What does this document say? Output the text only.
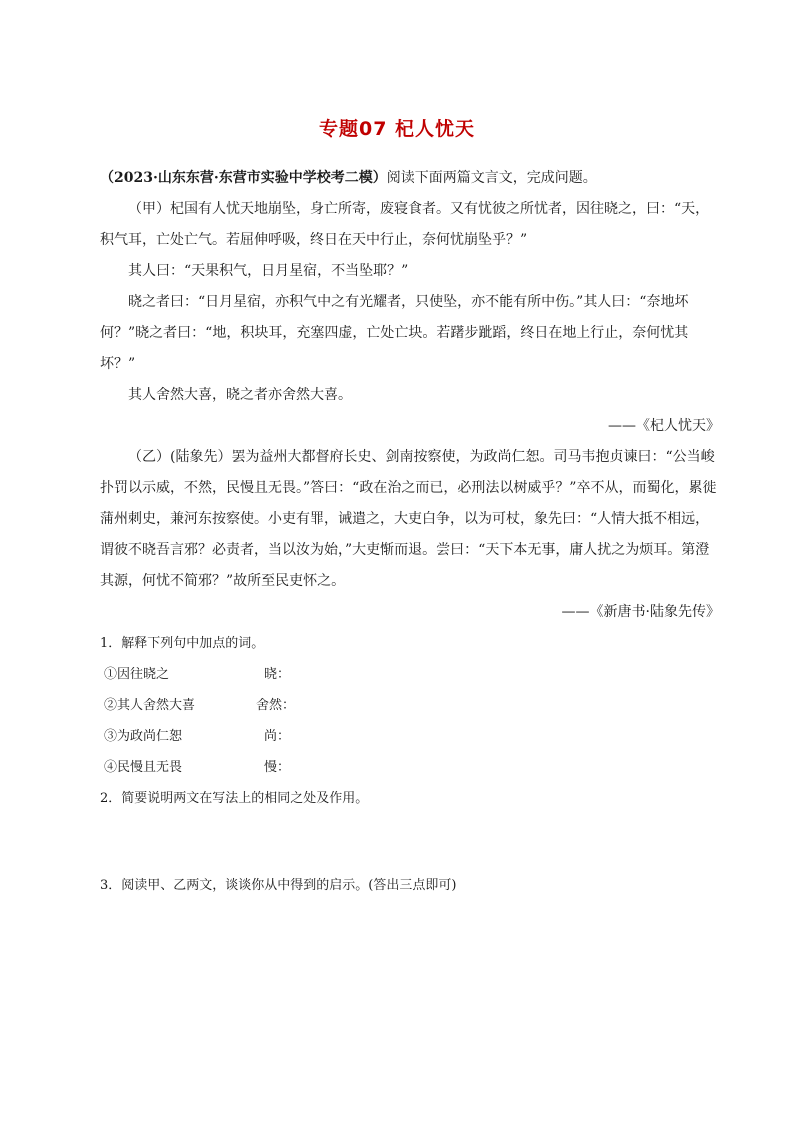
专题07 杞人忧天

（2023·山东东营·东营市实验中学校考二模）阅读下面两篇文言文，完成问题。

（甲）杞国有人忧天地崩坠，身亡所寄，废寝食者。又有忧彼之所忧者，因往晓之，曰：“天，积气耳，亡处亡气。若屈伸呼吸，终日在天中行止，奈何忧崩坠乎？”

其人曰：“天果积气，日月星宿，不当坠耶？”

晓之者曰：“日月星宿，亦积气中之有光耀者，只使坠，亦不能有所中伤。”其人曰：“奈地坏何？”晓之者曰：“地，积块耳，充塞四虚，亡处亡块。若躇步跐蹈，终日在地上行止，奈何忧其坏？”

其人舍然大喜，晓之者亦舍然大喜。

——《杞人忧天》

（乙）(陆象先）罢为益州大都督府长史、剑南按察使，为政尚仁恕。司马韦抱贞谏曰：“公当峻扑罚以示威，不然，民慢且无畏。”答曰：“政在治之而已，必刑法以树威乎？”卒不从，而蜀化，累徙蒲州刺史，兼河东按察使。小吏有罪，诫遣之，大吏白争，以为可杖，象先曰：“人情大抵不相远，谓彼不晓吾言邪？必责者，当以汝为始，”大吏惭而退。尝曰：“天下本无事，庸人扰之为烦耳。第澄其源，何忧不简邪？”故所至民吏怀之。

——《新唐书·陆象先传》

1．解释下列句中加点的词。

①因往晓之	晓：
②其人舍然大喜	舍然：
③为政尚仁恕	尚：
④民慢且无畏	慢：

2．简要说明两文在写法上的相同之处及作用。

3．阅读甲、乙两文，谈谈你从中得到的启示。(答出三点即可)
